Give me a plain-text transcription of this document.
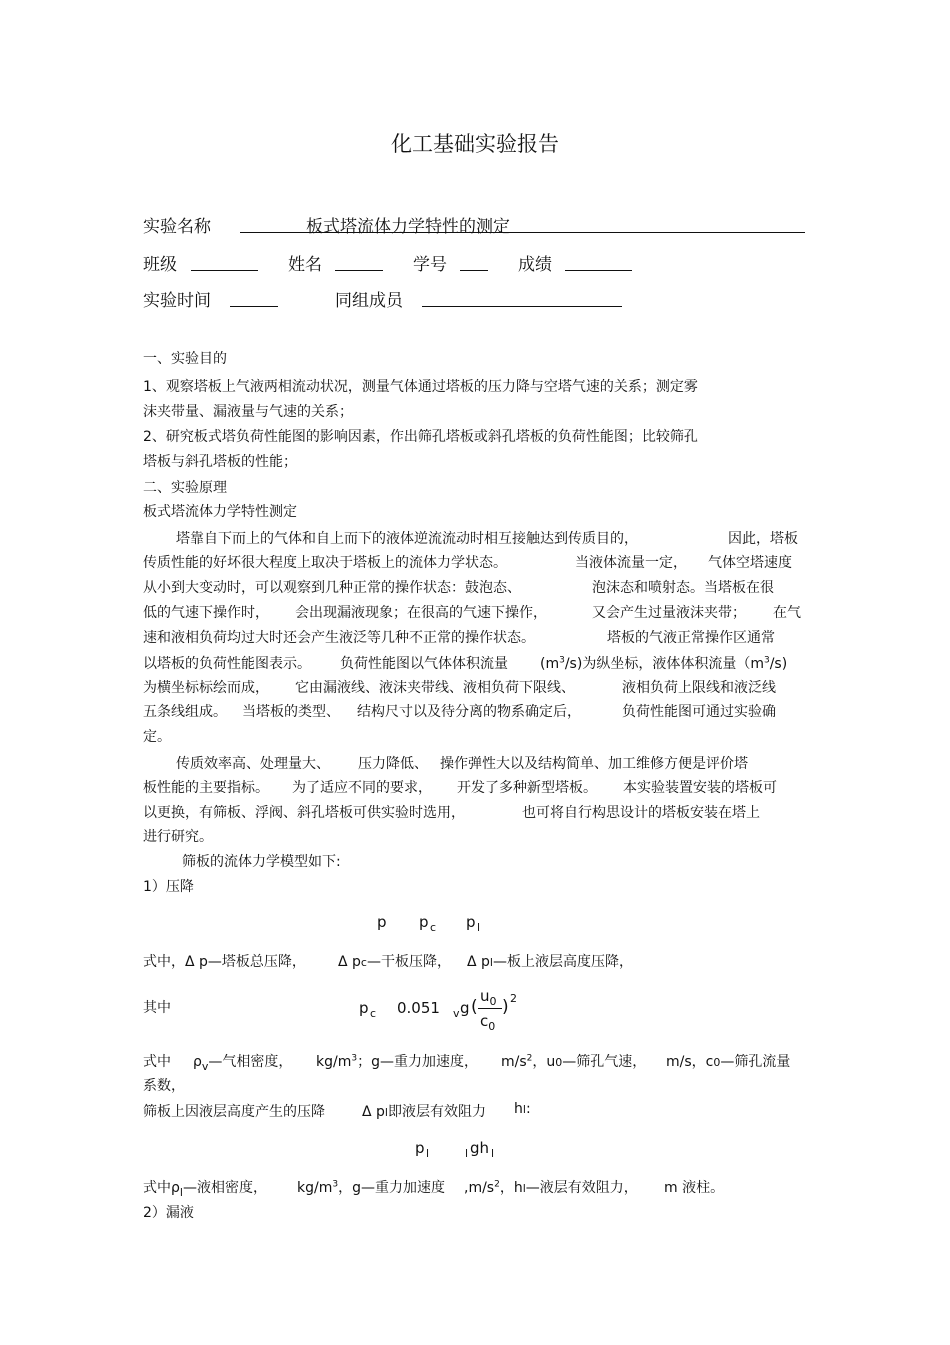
化工基础实验报告
实验名称	板式塔流体力学特性的测定
班级	姓名	学号	成绩
实验时间	同组成员
一、实验目的
1、观察塔板上气液两相流动状况，测量气体通过塔板的压力降与空塔气速的关系；测定雾
沫夹带量、漏液量与气速的关系；
2、研究板式塔负荷性能图的影响因素，作出筛孔塔板或斜孔塔板的负荷性能图；比较筛孔
塔板与斜孔塔板的性能；
二、实验原理
板式塔流体力学特性测定
塔靠自下而上的气体和自上而下的液体逆流流动时相互接触达到传质目的，	因此，塔板
传质性能的好坏很大程度上取决于塔板上的流体力学状态。	当液体流量一定， 气体空塔速度
从小到大变动时，可以观察到几种正常的操作状态：鼓泡态、	泡沫态和喷射态。当塔板在很
低的气速下操作时， 会出现漏液现象；在很高的气速下操作，	又会产生过量液沫夹带； 在气
速和液相负荷均过大时还会产生液泛等几种不正常的操作状态。	塔板的气液正常操作区通常
以塔板的负荷性能图表示。 负荷性能图以气体体积流量 $(m^3/s)$为纵坐标，液体体积流量$(m^3/s)$
为横坐标标绘而成， 它由漏液线、液沫夹带线、液相负荷下限线、	液相负荷上限线和液泛线
五条线组成。 当塔板的类型、 结构尺寸以及待分离的物系确定后，	负荷性能图可通过实验确
定。
传质效率高、处理量大、 压力降低、 操作弹性大以及结构简单、加工维修方便是评价塔
板性能的主要指标。 为了适应不同的要求， 开发了多种新型塔板。 本实验装置安装的塔板可
以更换，有筛板、浮阀、斜孔塔板可供实验时选用，	也可将自行构思设计的塔板安装在塔上
进行研究。
筛板的流体力学模型如下:
1）压降
p p c p l
式中，Δ p—塔板总压降， Δ pc—干板压降， Δ pl—板上液层高度压降，
其中	p c 0.051 v g (
$u_0$
$c_0$
) 2
式中 $\rho_v—$气相密度， $kg/m^3$；g—重力加速度， $m/s^2$，u0—筛孔气速， m/s，c0—筛孔流量
系数，
筛板上因液层高度产生的压降	Δ pl即液层有效阻力 hl:
p l	l gh l
式中$\rho_l—$液相密度， $kg/m^3$，g—重力加速度 $,m/s^2$，hl—液层有效阻力， m 液柱。
2）漏液
